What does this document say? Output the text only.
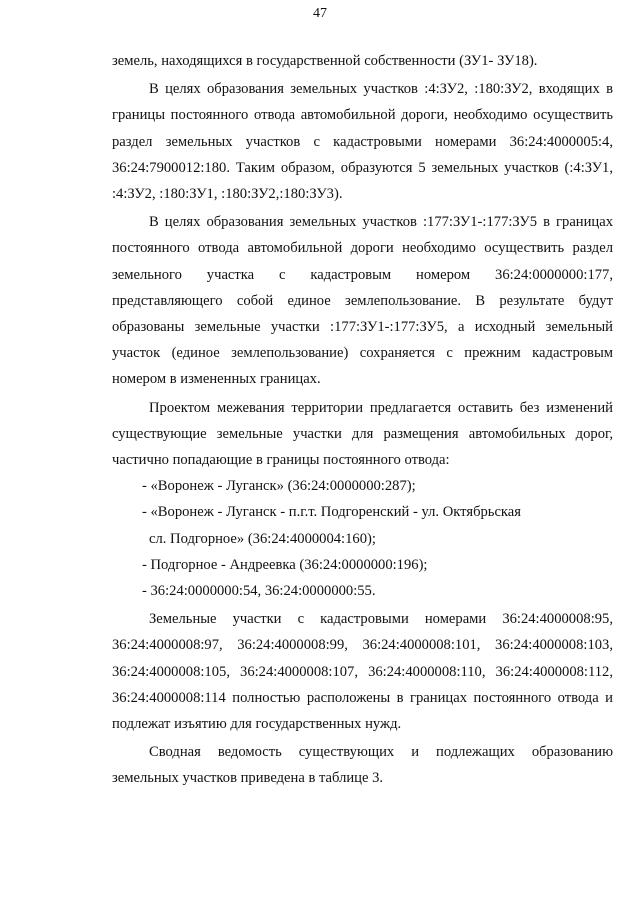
47

земель, находящихся в государственной собственности (ЗУ1- ЗУ18).

В целях образования земельных участков :4:ЗУ2, :180:ЗУ2, входящих в границы постоянного отвода автомобильной дороги, необходимо осуществить раздел земельных участков с кадастровыми номерами 36:24:4000005:4, 36:24:7900012:180. Таким образом, образуются 5 земельных участков (:4:ЗУ1, :4:ЗУ2, :180:ЗУ1, :180:ЗУ2,:180:ЗУ3).

В целях образования земельных участков :177:ЗУ1-:177:ЗУ5 в границах постоянного отвода автомобильной дороги необходимо осуществить раздел земельного участка с кадастровым номером 36:24:0000000:177, представляющего собой единое землепользование. В результате будут образованы земельные участки :177:ЗУ1-:177:ЗУ5, а исходный земельный участок (единое землепользование) сохраняется с прежним кадастровым номером в измененных границах.

Проектом межевания территории предлагается оставить без изменений существующие земельные участки для размещения автомобильных дорог, частично попадающие в границы постоянного отвода:

- «Воронеж - Луганск» (36:24:0000000:287);

- «Воронеж - Луганск - п.г.т. Подгоренский - ул. Октябрьская

сл. Подгорное» (36:24:4000004:160);

- Подгорное - Андреевка (36:24:0000000:196);

- 36:24:0000000:54, 36:24:0000000:55.

Земельные участки с кадастровыми номерами 36:24:4000008:95, 36:24:4000008:97, 36:24:4000008:99, 36:24:4000008:101, 36:24:4000008:103, 36:24:4000008:105, 36:24:4000008:107, 36:24:4000008:110, 36:24:4000008:112, 36:24:4000008:114 полностью расположены в границах постоянного отвода и подлежат изъятию для государственных нужд.

Сводная ведомость существующих и подлежащих образованию земельных участков приведена в таблице 3.
